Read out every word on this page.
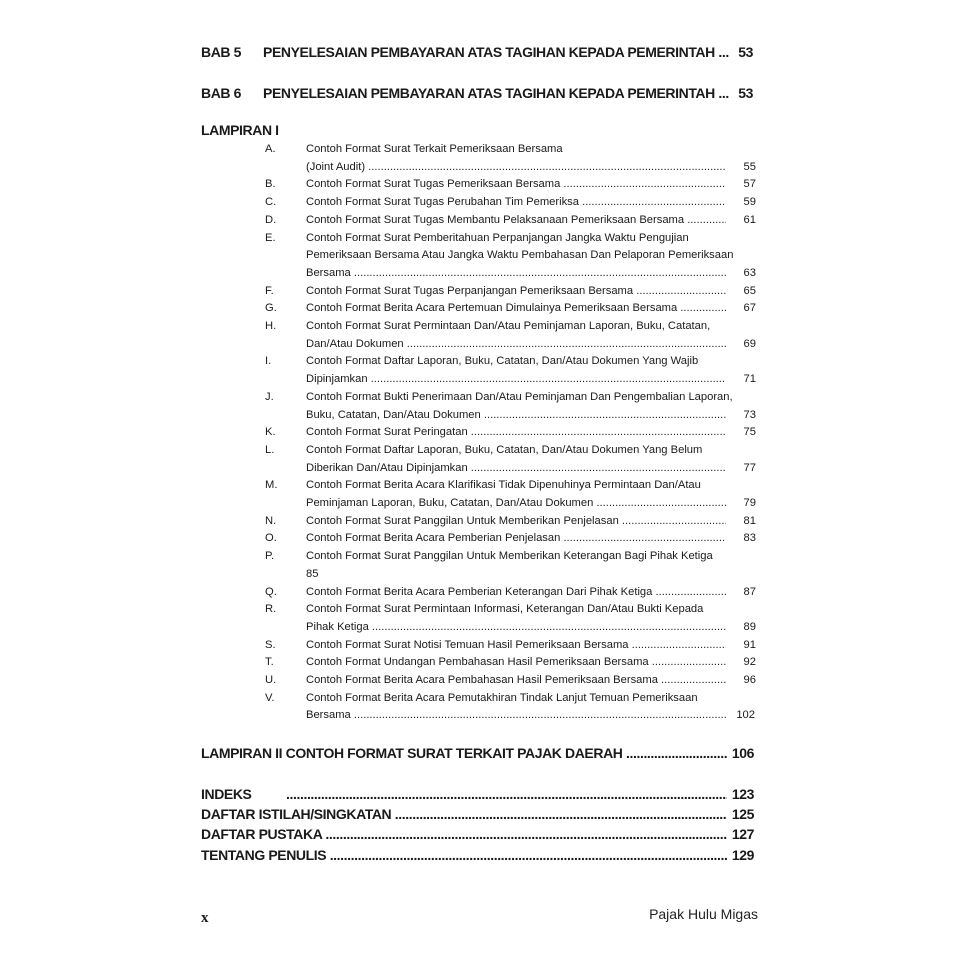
BAB 5 PENYELESAIAN PEMBAYARAN ATAS TAGIHAN KEPADA PEMERINTAH .....	53
BAB 6 PENYELESAIAN PEMBAYARAN ATAS TAGIHAN KEPADA PEMERINTAH .....	53
LAMPIRAN I
A.	Contoh Format Surat Terkait Pemeriksaan Bersama
(Joint Audit) .....	55
B.	Contoh Format Surat Tugas Pemeriksaan Bersama .....	57
C.	Contoh Format Surat Tugas Perubahan Tim Pemeriksa .....	59
D.	Contoh Format Surat Tugas Membantu Pelaksanaan Pemeriksaan Bersama .....	61
E.	Contoh Format Surat Pemberitahuan Perpanjangan Jangka Waktu Pengujian
Pemeriksaan Bersama Atau Jangka Waktu Pembahasan Dan Pelaporan Pemeriksaan
Bersama .....	63
F.	Contoh Format Surat Tugas Perpanjangan Pemeriksaan Bersama .....	65
G.	Contoh Format Berita Acara Pertemuan Dimulainya Pemeriksaan Bersama .....	67
H.	Contoh Format Surat Permintaan Dan/Atau Peminjaman Laporan, Buku, Catatan,
Dan/Atau Dokumen .....	69
I.	Contoh Format Daftar Laporan, Buku, Catatan, Dan/Atau Dokumen Yang Wajib
Dipinjamkan .....	71
J.	Contoh Format Bukti Penerimaan Dan/Atau Peminjaman Dan Pengembalian Laporan,
Buku, Catatan, Dan/Atau Dokumen .....	73
K.	Contoh Format Surat Peringatan .....	75
L.	Contoh Format Daftar Laporan, Buku, Catatan, Dan/Atau Dokumen Yang Belum
Diberikan Dan/Atau Dipinjamkan .....	77
M.	Contoh Format Berita Acara Klarifikasi Tidak Dipenuhinya Permintaan Dan/Atau
Peminjaman Laporan, Buku, Catatan, Dan/Atau Dokumen .....	79
N.	Contoh Format Surat Panggilan Untuk Memberikan Penjelasan .....	81
O.	Contoh Format Berita Acara Pemberian Penjelasan .....	83
P.	Contoh Format Surat Panggilan Untuk Memberikan Keterangan Bagi Pihak Ketiga
85
Q.	Contoh Format Berita Acara Pemberian Keterangan Dari Pihak Ketiga .....	87
R.	Contoh Format Surat Permintaan Informasi, Keterangan Dan/Atau Bukti Kepada
Pihak Ketiga .....	89
S.	Contoh Format Surat Notisi Temuan Hasil Pemeriksaan Bersama .....	91
T.	Contoh Format Undangan Pembahasan Hasil Pemeriksaan Bersama .....	92
U.	Contoh Format Berita Acara Pembahasan Hasil Pemeriksaan Bersama .....	96
V.	Contoh Format Berita Acara Pemutakhiran Tindak Lanjut Temuan Pemeriksaan
Bersama .....	102
LAMPIRAN II CONTOH FORMAT SURAT TERKAIT PAJAK DAERAH .....	106
INDEKS .....	123
DAFTAR ISTILAH/SINGKATAN .....	125
DAFTAR PUSTAKA .....	127
TENTANG PENULIS .....	129
x	Pajak Hulu Migas
